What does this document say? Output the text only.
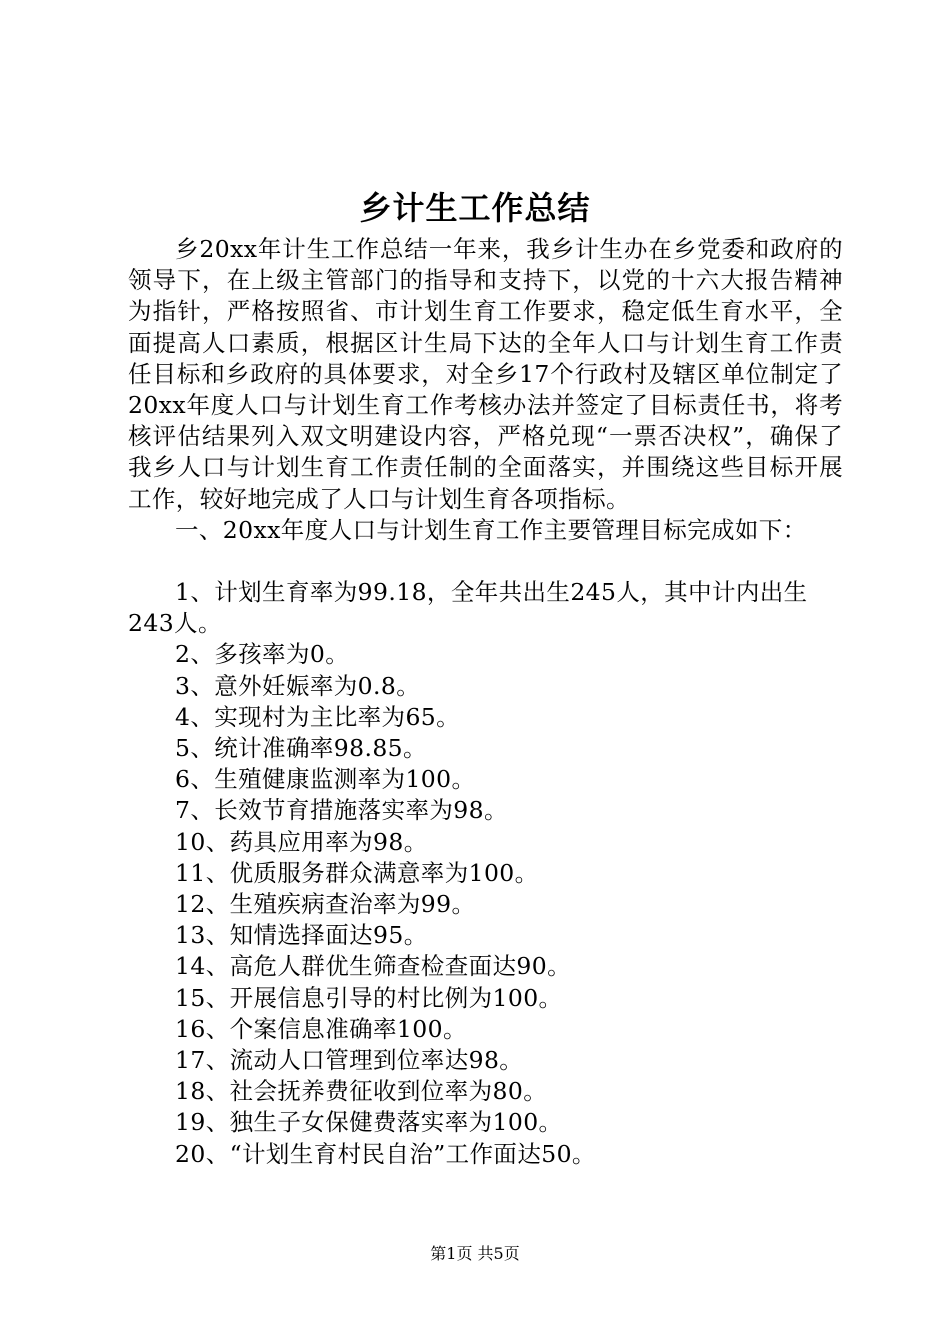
乡计生工作总结

乡20xx年计生工作总结一年来，我乡计生办在乡党委和政府的领导下，在上级主管部门的指导和支持下，以党的十六大报告精神为指针，严格按照省、市计划生育工作要求，稳定低生育水平，全面提高人口素质，根据区计生局下达的全年人口与计划生育工作责任目标和乡政府的具体要求，对全乡17个行政村及辖区单位制定了20xx年度人口与计划生育工作考核办法并签定了目标责任书，将考核评估结果列入双文明建设内容，严格兑现“一票否决权”，确保了我乡人口与计划生育工作责任制的全面落实，并围绕这些目标开展工作，较好地完成了人口与计划生育各项指标。

一、20xx年度人口与计划生育工作主要管理目标完成如下：

1、计划生育率为99.18，全年共出生245人，其中计内出生243人。

2、多孩率为0。

3、意外妊娠率为0.8。

4、实现村为主比率为65。

5、统计准确率98.85。

6、生殖健康监测率为100。

7、长效节育措施落实率为98。

10、药具应用率为98。

11、优质服务群众满意率为100。

12、生殖疾病查治率为99。

13、知情选择面达95。

14、高危人群优生筛查检查面达90。

15、开展信息引导的村比例为100。

16、个案信息准确率100。

17、流动人口管理到位率达98。

18、社会抚养费征收到位率为80。

19、独生子女保健费落实率为100。

20、“计划生育村民自治”工作面达50。

第1页 共5页
